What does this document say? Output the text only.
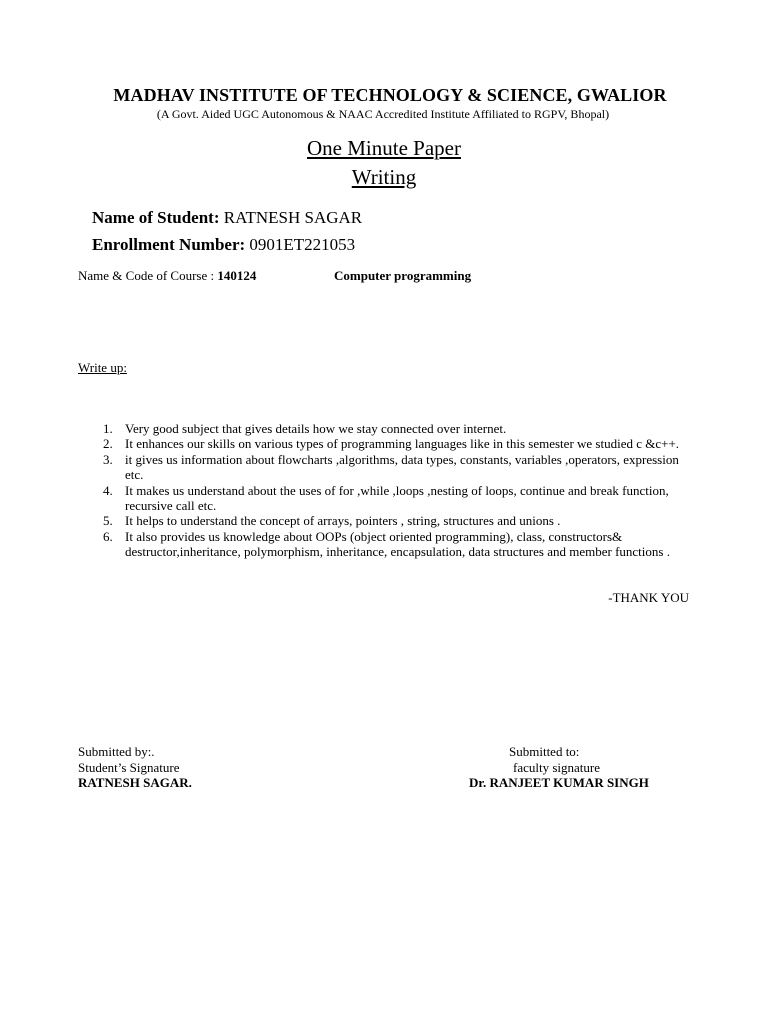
MADHAV INSTITUTE OF TECHNOLOGY & SCIENCE, GWALIOR
(A Govt. Aided UGC Autonomous & NAAC Accredited Institute Affiliated to RGPV, Bhopal)
One Minute Paper
Writing
Name of Student: RATNESH SAGAR
Enrollment Number: 0901ET221053
Name & Code of Course : 140124	Computer programming
Write up:
1. Very good subject that gives details how we stay connected over internet.
2. It enhances our skills on various types of programming languages like in this semester we studied c &c++.
3. it gives us information about flowcharts ,algorithms, data types, constants, variables ,operators, expression etc.
4. It makes us understand about the uses of for ,while ,loops ,nesting of loops, continue and break function, recursive call etc.
5. It helps to understand the concept of arrays, pointers , string, structures and unions .
6. It also provides us knowledge about OOPs (object oriented programming), class, constructors& destructor,inheritance, polymorphism, inheritance, encapsulation, data structures and member functions .
-THANK YOU
Submitted by:.
Student’s Signature
RATNESH SAGAR.
Submitted to:
faculty signature
Dr. RANJEET KUMAR SINGH
